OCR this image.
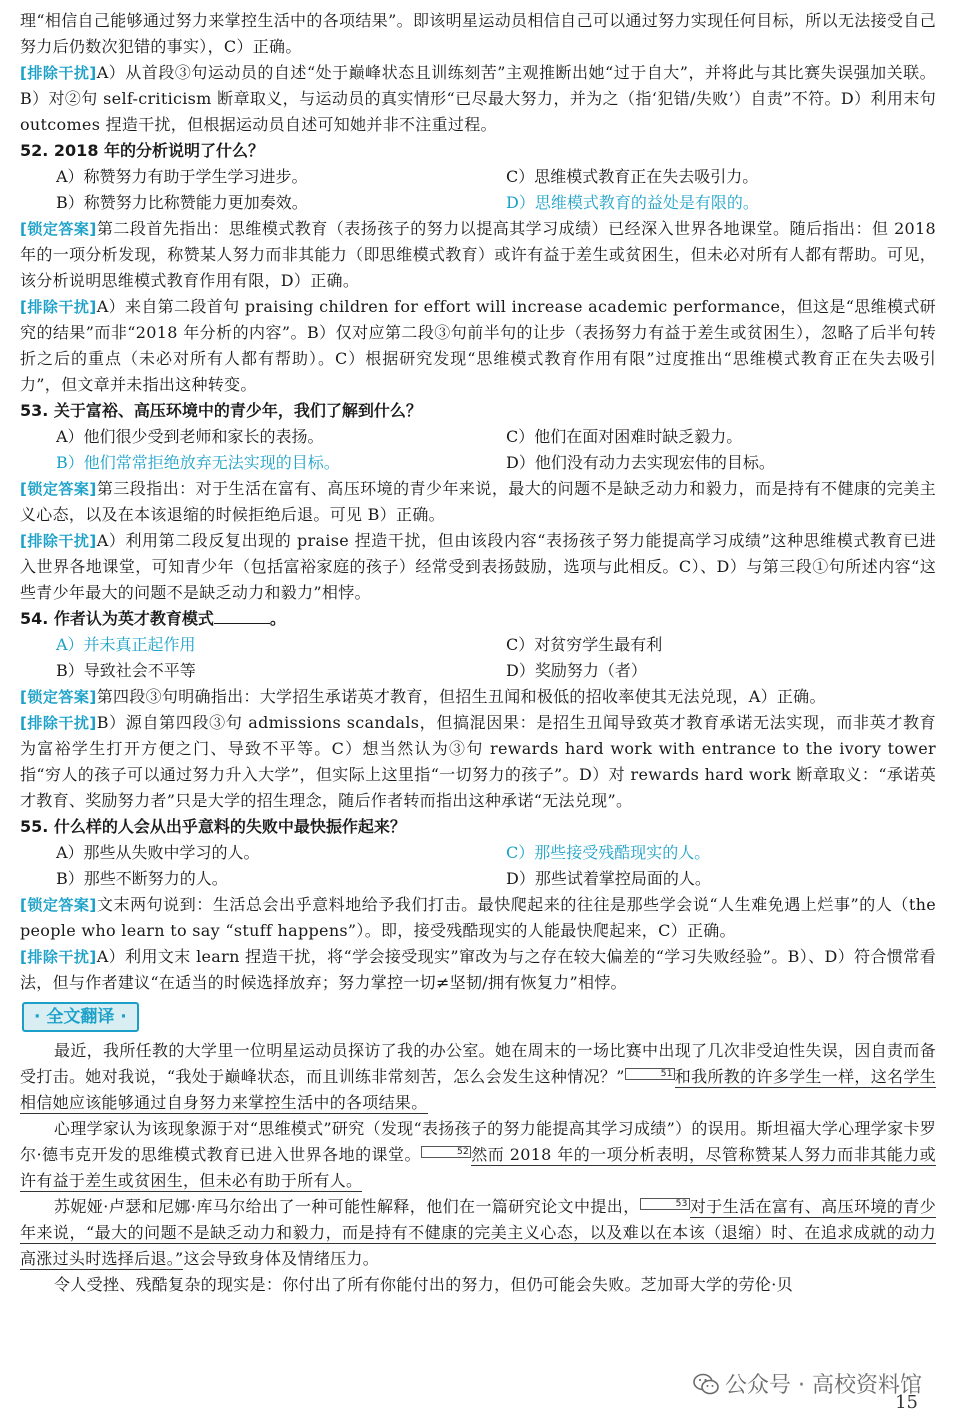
理“相信自己能够通过努力来掌控生活中的各项结果”。即该明星运动员相信自己可以通过努力实现任何目标，所以无法接受自己努力后仍数次犯错的事实），C）正确。

[排除干扰]A）从首段③句运动员的自述“处于巅峰状态且训练刻苦”主观推断出她“过于自大”，并将此与其比赛失误强加关联。B）对②句 self-criticism 断章取义，与运动员的真实情形“已尽最大努力，并为之（指‘犯错/失败’）自责”不符。D）利用末句 outcomes 捏造干扰，但根据运动员自述可知她并非不注重过程。

52. 2018 年的分析说明了什么？

A）称赞努力有助于学生学习进步。	C）思维模式教育正在失去吸引力。
B）称赞努力比称赞能力更加奏效。	D）思维模式教育的益处是有限的。

[锁定答案]第二段首先指出：思维模式教育（表扬孩子的努力以提高其学习成绩）已经深入世界各地课堂。随后指出：但 2018 年的一项分析发现，称赞某人努力而非其能力（即思维模式教育）或许有益于差生或贫困生，但未必对所有人都有帮助。可见，该分析说明思维模式教育作用有限，D）正确。

[排除干扰]A）来自第二段首句 praising children for effort will increase academic performance，但这是“思维模式研究的结果”而非“2018 年分析的内容”。B）仅对应第二段③句前半句的让步（表扬努力有益于差生或贫困生），忽略了后半句转折之后的重点（未必对所有人都有帮助）。C）根据研究发现“思维模式教育作用有限”过度推出“思维模式教育正在失去吸引力”，但文章并未指出这种转变。

53. 关于富裕、高压环境中的青少年，我们了解到什么？

A）他们很少受到老师和家长的表扬。	C）他们在面对困难时缺乏毅力。
B）他们常常拒绝放弃无法实现的目标。	D）他们没有动力去实现宏伟的目标。

[锁定答案]第三段指出：对于生活在富有、高压环境的青少年来说，最大的问题不是缺乏动力和毅力，而是持有不健康的完美主义心态，以及在本该退缩的时候拒绝后退。可见 B）正确。

[排除干扰]A）利用第二段反复出现的 praise 捏造干扰，但由该段内容“表扬孩子努力能提高学习成绩”这种思维模式教育已进入世界各地课堂，可知青少年（包括富裕家庭的孩子）经常受到表扬鼓励，选项与此相反。C）、D）与第三段①句所述内容“这些青少年最大的问题不是缺乏动力和毅力”相悖。

54. 作者认为英才教育模式	。

A）并未真正起作用	C）对贫穷学生最有利
B）导致社会不平等	D）奖励努力（者）

[锁定答案]第四段③句明确指出：大学招生承诺英才教育，但招生丑闻和极低的招收率使其无法兑现，A）正确。

[排除干扰]B）源自第四段③句 admissions scandals，但搞混因果：是招生丑闻导致英才教育承诺无法实现，而非英才教育为富裕学生打开方便之门、导致不平等。C）想当然认为③句 rewards hard work with entrance to the ivory tower 指“穷人的孩子可以通过努力升入大学”，但实际上这里指“一切努力的孩子”。D）对 rewards hard work 断章取义：“承诺英才教育、奖励努力者”只是大学的招生理念，随后作者转而指出这种承诺“无法兑现”。

55. 什么样的人会从出乎意料的失败中最快振作起来？

A）那些从失败中学习的人。	C）那些接受残酷现实的人。
B）那些不断努力的人。	D）那些试着掌控局面的人。

[锁定答案]文末两句说到：生活总会出乎意料地给予我们打击。最快爬起来的往往是那些学会说“人生难免遇上烂事”的人（the people who learn to say “stuff happens”）。即，接受残酷现实的人能最快爬起来，C）正确。

[排除干扰]A）利用文末 learn 捏造干扰，将“学会接受现实”窜改为与之存在较大偏差的“学习失败经验”。B）、D）符合惯常看法，但与作者建议“在适当的时候选择放弃；努力掌控一切≠坚韧/拥有恢复力”相悖。

· 全文翻译 ·

最近，我所任教的大学里一位明星运动员探访了我的办公室。她在周末的一场比赛中出现了几次非受迫性失误，因自责而备受打击。她对我说，“我处于巅峰状态，而且训练非常刻苦，怎么会发生这种情况？”	51 和我所教的许多学生一样，这名学生相信她应该能够通过自身努力来掌控生活中的各项结果。

心理学家认为该现象源于对“思维模式”研究（发现“表扬孩子的努力能提高其学习成绩”）的误用。斯坦福大学心理学家卡罗尔·德韦克开发的思维模式教育已进入世界各地的课堂。	52 然而 2018 年的一项分析表明，尽管称赞某人努力而非其能力或许有益于差生或贫困生，但未必有助于所有人。

苏妮娅·卢瑟和尼娜·库马尔给出了一种可能性解释，他们在一篇研究论文中提出，	53 对于生活在富有、高压环境的青少年来说，“最大的问题不是缺乏动力和毅力，而是持有不健康的完美主义心态，以及难以在本该（退缩）时、在追求成就的动力高涨过头时选择后退。”这会导致身体及情绪压力。

令人受挫、残酷复杂的现实是：你付出了所有你能付出的努力，但仍可能会失败。芝加哥大学的劳伦·贝

公众号 · 高校资料馆
15
